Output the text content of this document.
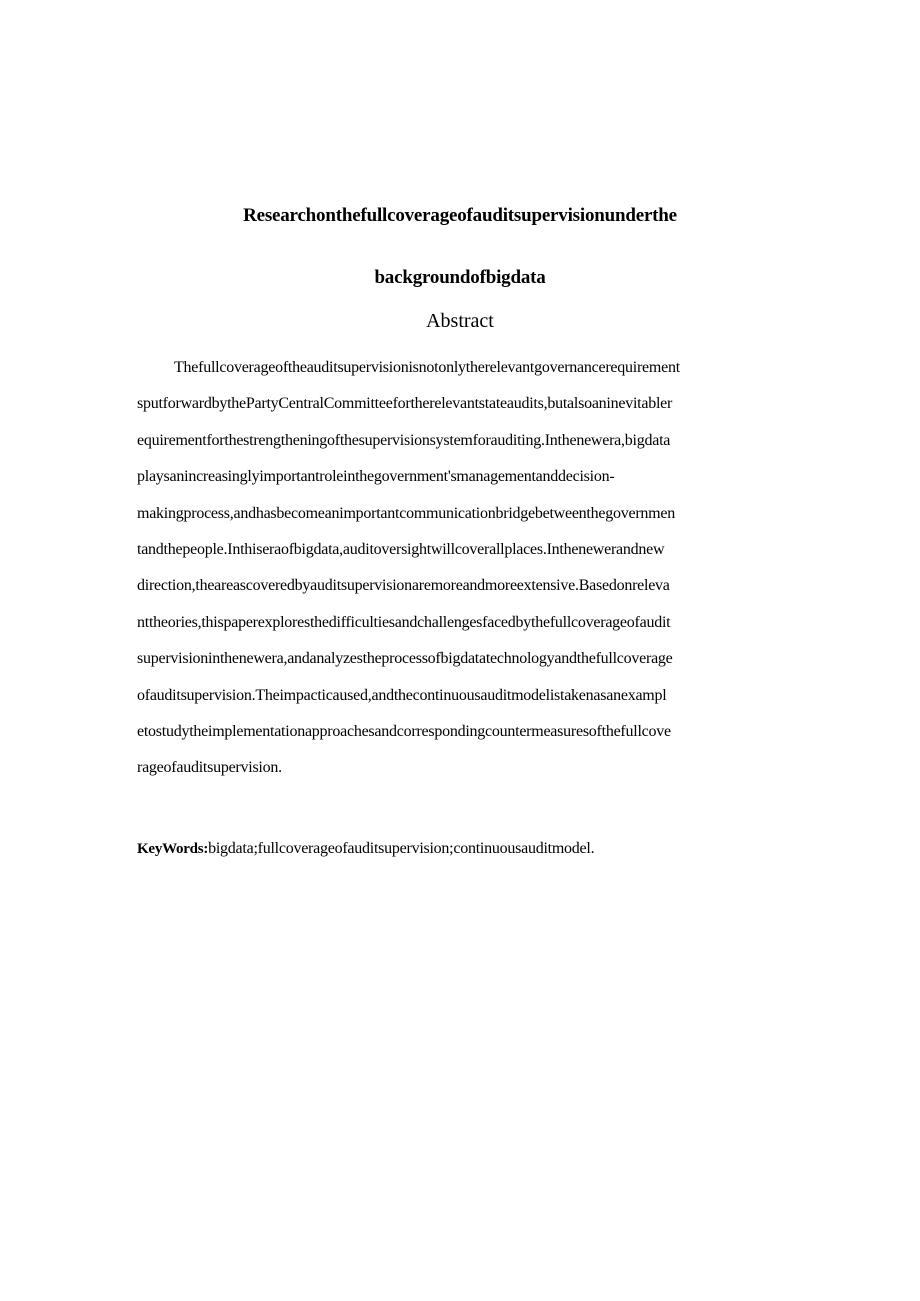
Researchonthefullcoverageofauditsupervisionunderthe
backgroundofbigdata
Abstract
Thefullcoverageoftheauditsupervisionisnotonlytherelevantgovernancerequirement
sputforwardbythePartyCentralCommitteefortherelevantstateaudits,butalsoaninevitabler
equirementforthestrengtheningofthesupervisionsystemforauditing.Inthenewera,bigdata
playsanincreasinglyimportantroleinthegovernment'smanagementanddecision-
makingprocess,andhasbecomeanimportantcommunicationbridgebetweenthegovernmen
tandthepeople.Inthiseraofbigdata,auditoversightwillcoverallplaces.Inthenewerandnew
direction,theareascoveredbyauditsupervisionaremoreandmoreextensive.Basedonreleva
nttheories,thispaperexploresthedifficultiesandchallengesfacedbythefullcoverageofaudit
supervisioninthenewera,andanalyzestheprocessofbigdatatechnologyandthefullcoverage
ofauditsupervision.Theimpacticaused,andthecontinuousauditmodelistakenasanexampl
etostudytheimplementationapproachesandcorrespondingcountermeasuresofthefullcove
rageofauditsupervision.
KeyWords:bigdata;fullcoverageofauditsupervision;continuousauditmodel.
